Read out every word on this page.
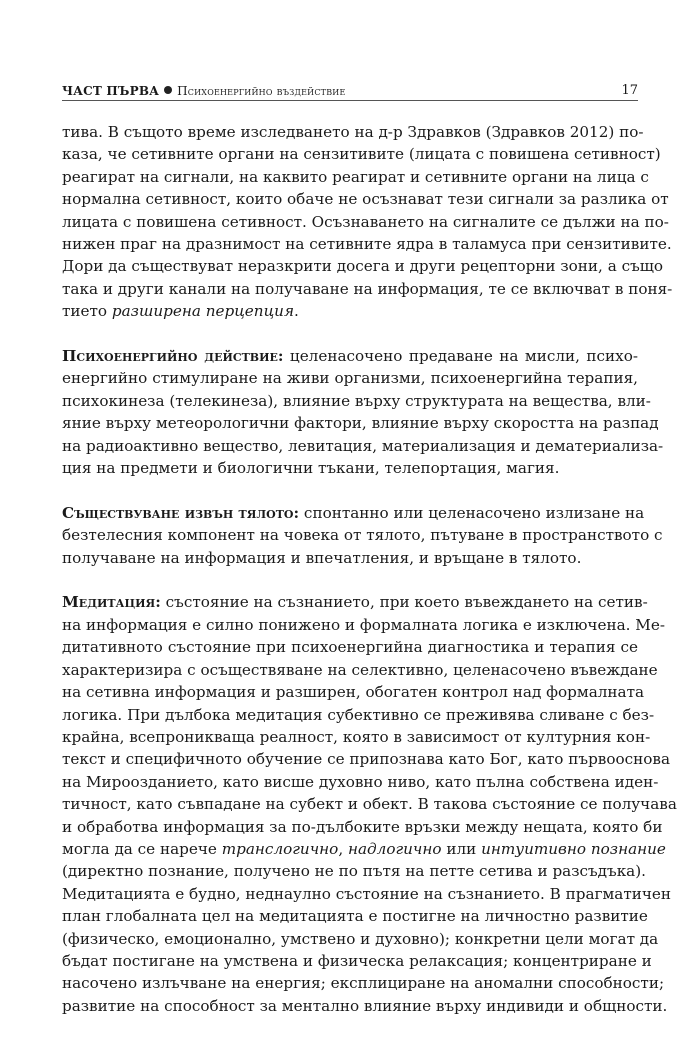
ЧАСТ ПЪРВА Психоенергийно въздействие	17
тива. В същото време изследването на д-р Здравков (Здравков 2012) по-
каза, че сетивните органи на сензитивите (лицата с повишена сетивност)
реагират на сигнали, на каквито реагират и сетивните органи на лица с
нормална сетивност, които обаче не осъзнават тези сигнали за разлика от
лицата с повишена сетивност. Осъзнаването на сигналите се дължи на по-
нижен праг на дразнимост на сетивните ядра в таламуса при сензитивите.
Дори да съществуват неразкрити досега и други рецепторни зони, а също
така и други канали на получаване на информация, те се включват в поня-
тието разширена перцепция.
Психоенергийно действие: целенасочено предаване на мисли, психо-
енергийно стимулиране на живи организми, психоенергийна терапия,
психокинеза (телекинеза), влияние върху структурата на вещества, вли-
яние върху метеорологични фактори, влияние върху скоростта на разпад
на радиоактивно вещество, левитация, материализация и дематериализа-
ция на предмети и биологични тъкани, телепортация, магия.
Съществуване извън тялото: спонтанно или целенасочено излизане на
безтелесния компонент на човека от тялото, пътуване в пространството с
получаване на информация и впечатления, и връщане в тялото.
Медитация: състояние на съзнанието, при което въвеждането на сетив-
на информация е силно понижено и формалната логика е изключена. Ме-
дитативното състояние при психоенергийна диагностика и терапия се
характеризира с осъществяване на селективно, целенасочено въвеждане
на сетивна информация и разширен, обогатен контрол над формалната
логика. При дълбока медитация субективно се преживява сливане с без-
крайна, всепроникваща реалност, която в зависимост от културния кон-
текст и специфичното обучение се припознава като Бог, като първооснова
на Мироозданието, като висше духовно ниво, като пълна собствена иден-
тичност, като съвпадане на субект и обект. В такова състояние се получава
и обработва информация за по-дълбоките връзки между нещата, която би
могла да се нарече транслогично, надлогично или интуитивно познание
(директно познание, получено не по пътя на петте сетива и разсъдъка).
Медитацията е будно, неднаулно състояние на съзнанието. В прагматичен
план глобалната цел на медитацията е постигне на личностно развитие
(физическо, емоционално, умствено и духовно); конкретни цели могат да
бъдат постигане на умствена и физическа релаксация; концентриране и
насочено излъчване на енергия; експлициране на аномални способности;
развитие на способност за ментално влияние върху индивиди и общности.
